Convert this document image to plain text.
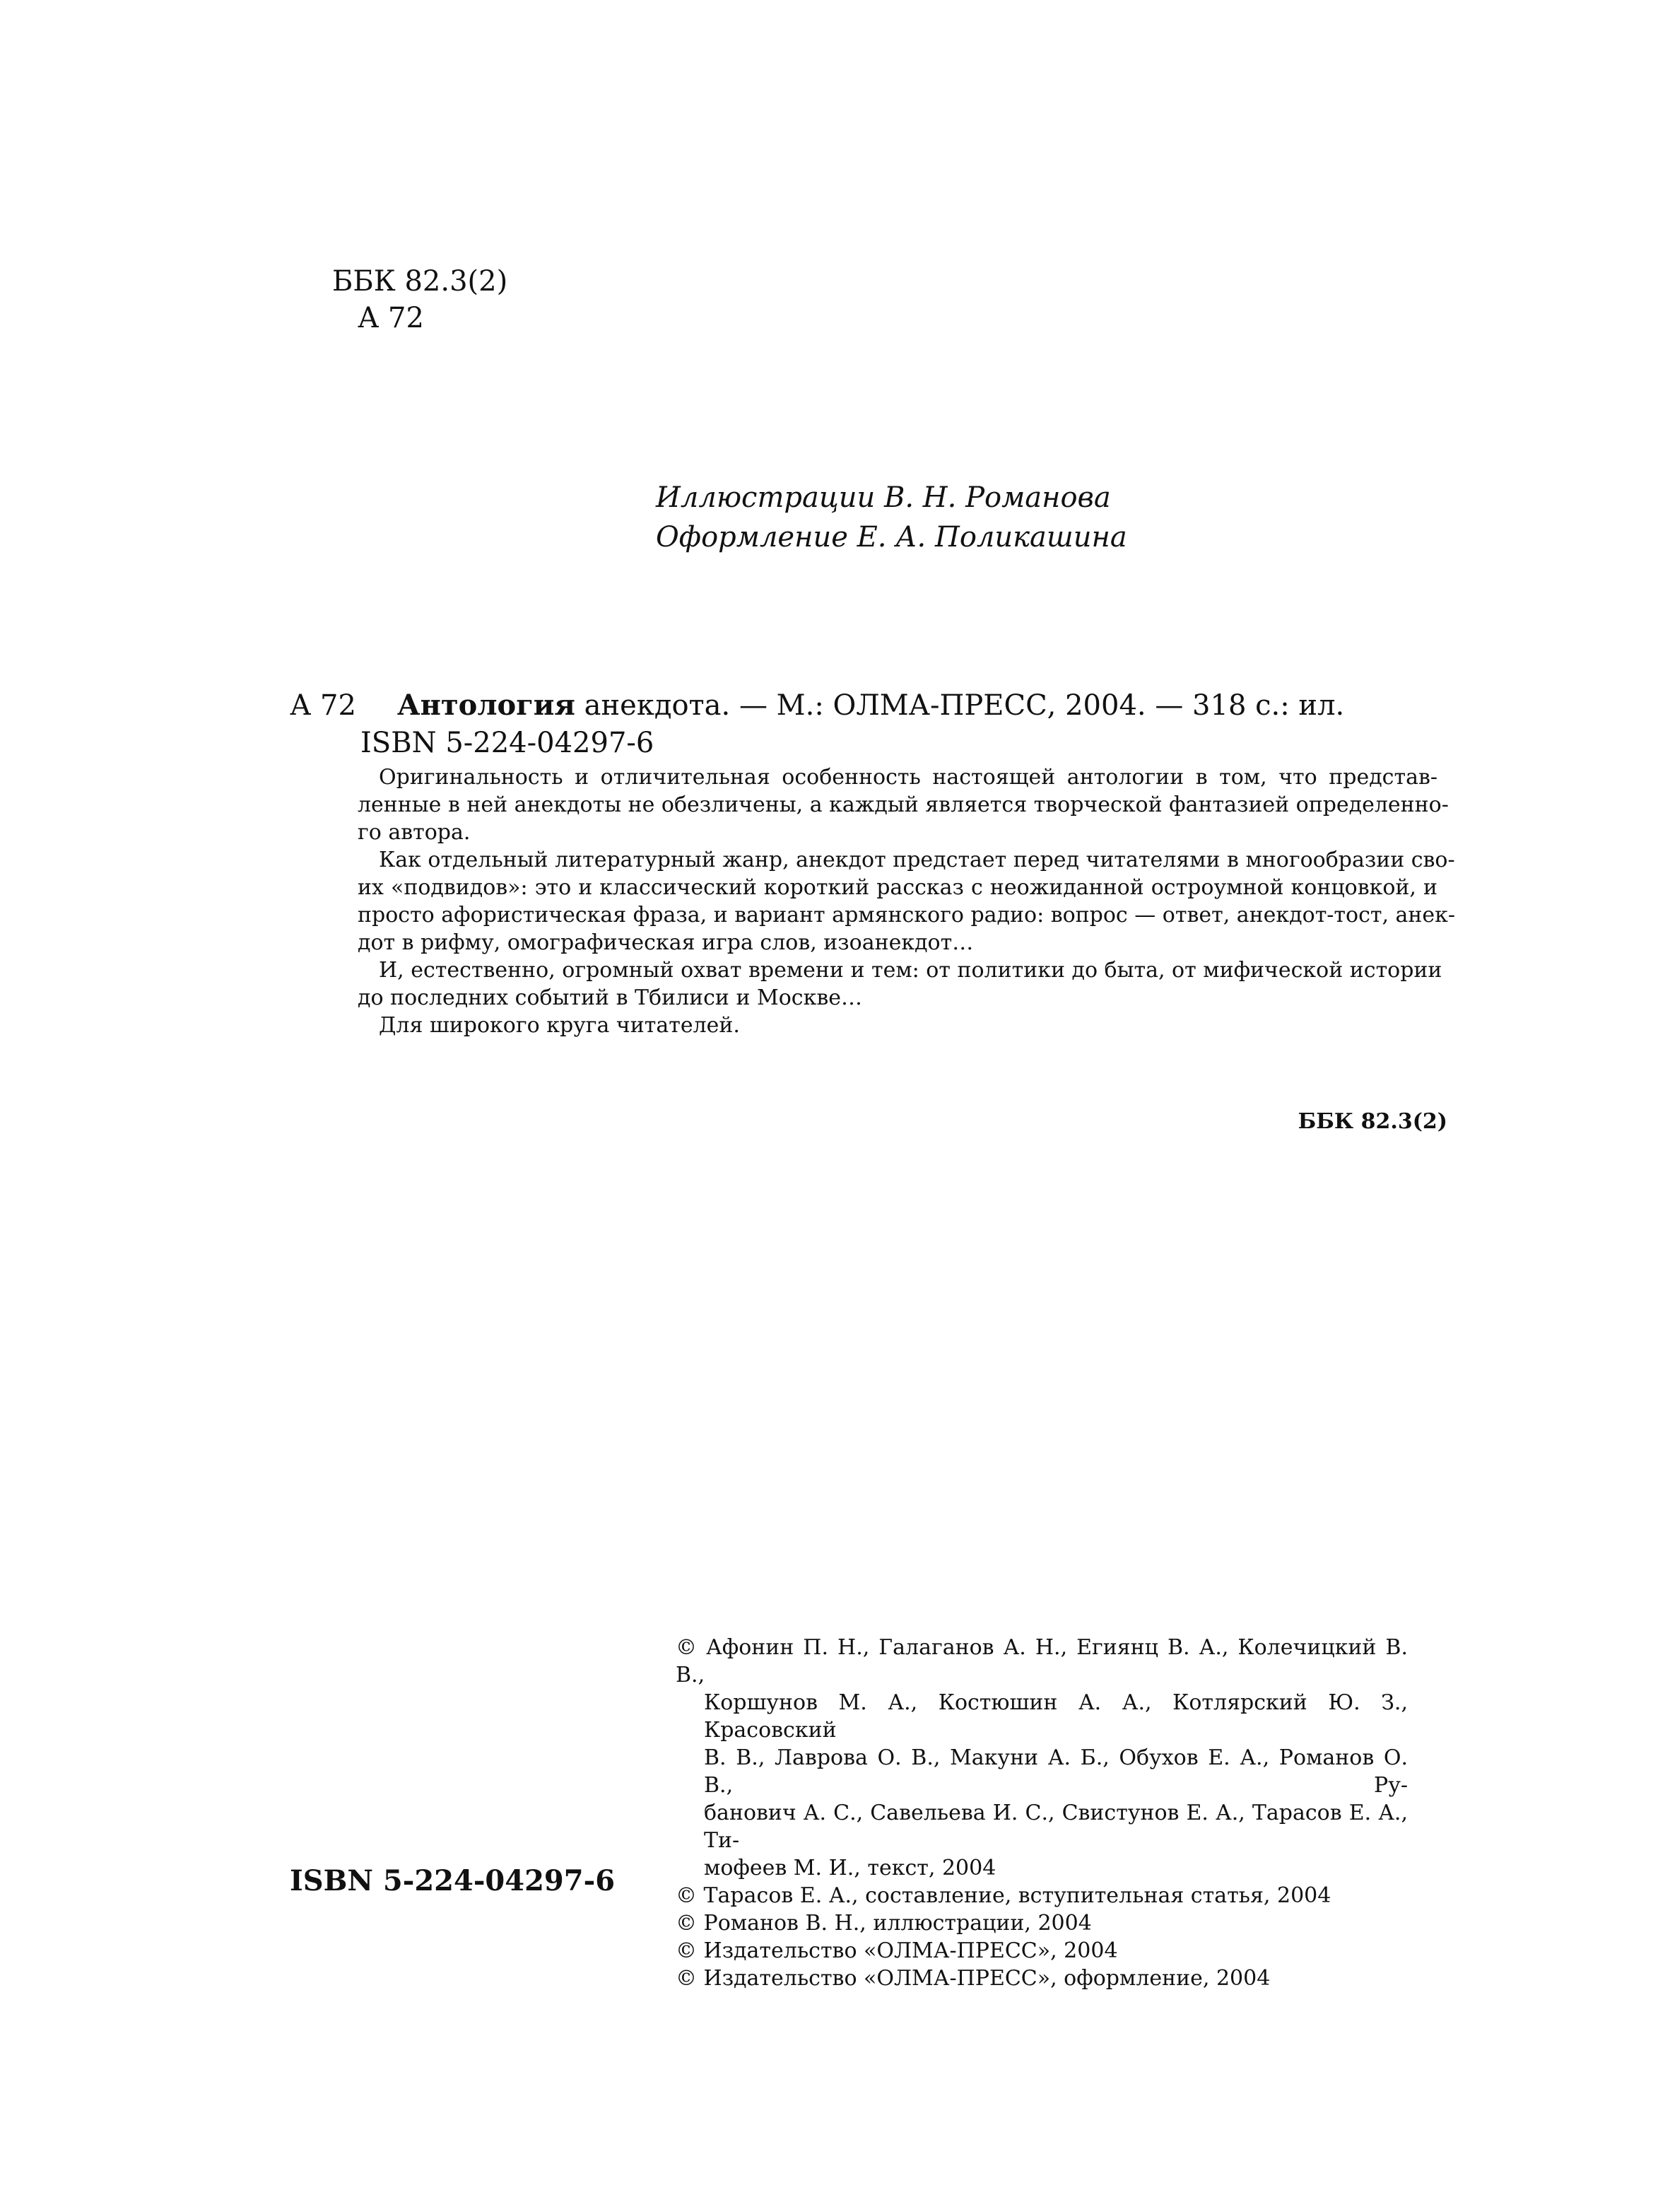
ББК 82.3(2)
А 72
Иллюстрации В. Н. Романова
Оформление Е. А. Поликашина
А 72 Антология анекдота. — М.: ОЛМА-ПРЕСС, 2004. — 318 с.: ил.
ISBN 5-224-04297-6
Оригинальность и отличительная особенность настоящей антологии в том, что представ-
ленные в ней анекдоты не обезличены, а каждый является творческой фантазией определенно-
го автора.
Как отдельный литературный жанр, анекдот предстает перед читателями в многообразии сво-
их «подвидов»: это и классический короткий рассказ с неожиданной остроумной концовкой, и
просто афористическая фраза, и вариант армянского радио: вопрос — ответ, анекдот-тост, анек-
дот в рифму, омографическая игра слов, изоанекдот…
И, естественно, огромный охват времени и тем: от политики до быта, от мифической истории
до последних событий в Тбилиси и Москве…
Для широкого круга читателей.
ББК 82.3(2)
© Афонин П. Н., Галаганов А. Н., Егиянц В. А., Колечицкий В. В.,
Коршунов М. А., Костюшин А. А., Котлярский Ю. З., Красовский
В. В., Лаврова О. В., Макуни А. Б., Обухов Е. А., Романов О. В., Ру-
банович А. С., Савельева И. С., Свистунов Е. А., Тарасов Е. А., Ти-
мофеев М. И., текст, 2004
© Тарасов Е. А., составление, вступительная статья, 2004
© Романов В. Н., иллюстрации, 2004
© Издательство «ОЛМА-ПРЕСС», 2004
© Издательство «ОЛМА-ПРЕСС», оформление, 2004
ISBN 5-224-04297-6
